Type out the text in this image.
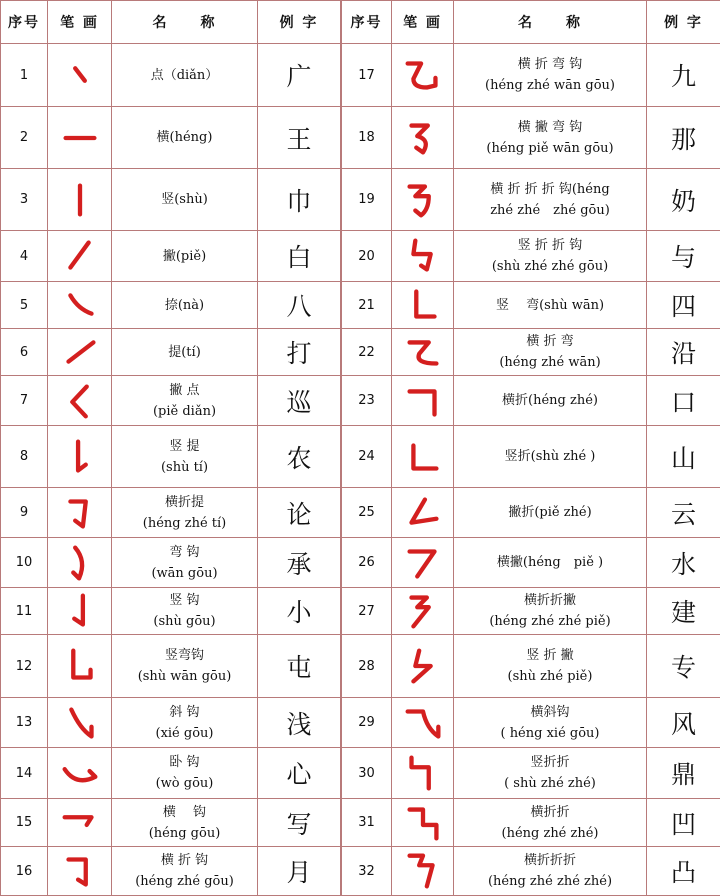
序号	笔 画	名　　称	例 字
1		点（diǎn）	广
2		横(héng)	王
3		竖(shù)	巾
4		撇(piě)	白
5		捺(nà)	八
6		提(tí)	打
7		撇 点
(piě diǎn)	巡
8		竖 提
(shù tí)	农
9		横折提
(héng zhé tí)	论
10		弯 钩
(wān gōu)	承
11		竖 钩
(shù gōu)	小
12		竖弯钩
(shù wān gōu)	屯
13		斜 钩
(xié gōu)	浅
14		卧 钩
(wò gōu)	心
15		横　 钩
(héng gōu)	写
16		横 折 钩
(héng zhé gōu)	月
序号	笔 画	名　　称	例 字
17		横 折 弯 钩
(héng zhé wān gōu)	九
18		横 撇 弯 钩
(héng piě wān gōu)	那
19		横 折 折 折 钩(héng
zhé zhé　zhé gōu)	奶
20		竖 折 折 钩
(shù zhé zhé gōu)	与
21		竖　 弯(shù wān)	四
22		横 折 弯
(héng zhé wān)	沿
23		横折(héng zhé)	口
24		竖折(shù zhé )	山
25		撇折(piě zhé)	云
26		横撇(héng　piě )	水
27		横折折撇
(héng zhé zhé piě)	建
28		竖 折 撇
(shù zhé piě)	专
29		横斜钩
( héng xié gōu)	风
30		竖折折
( shù zhé zhé)	鼎
31		横折折
(héng zhé zhé)	凹
32		横折折折
(héng zhé zhé zhé)	凸
